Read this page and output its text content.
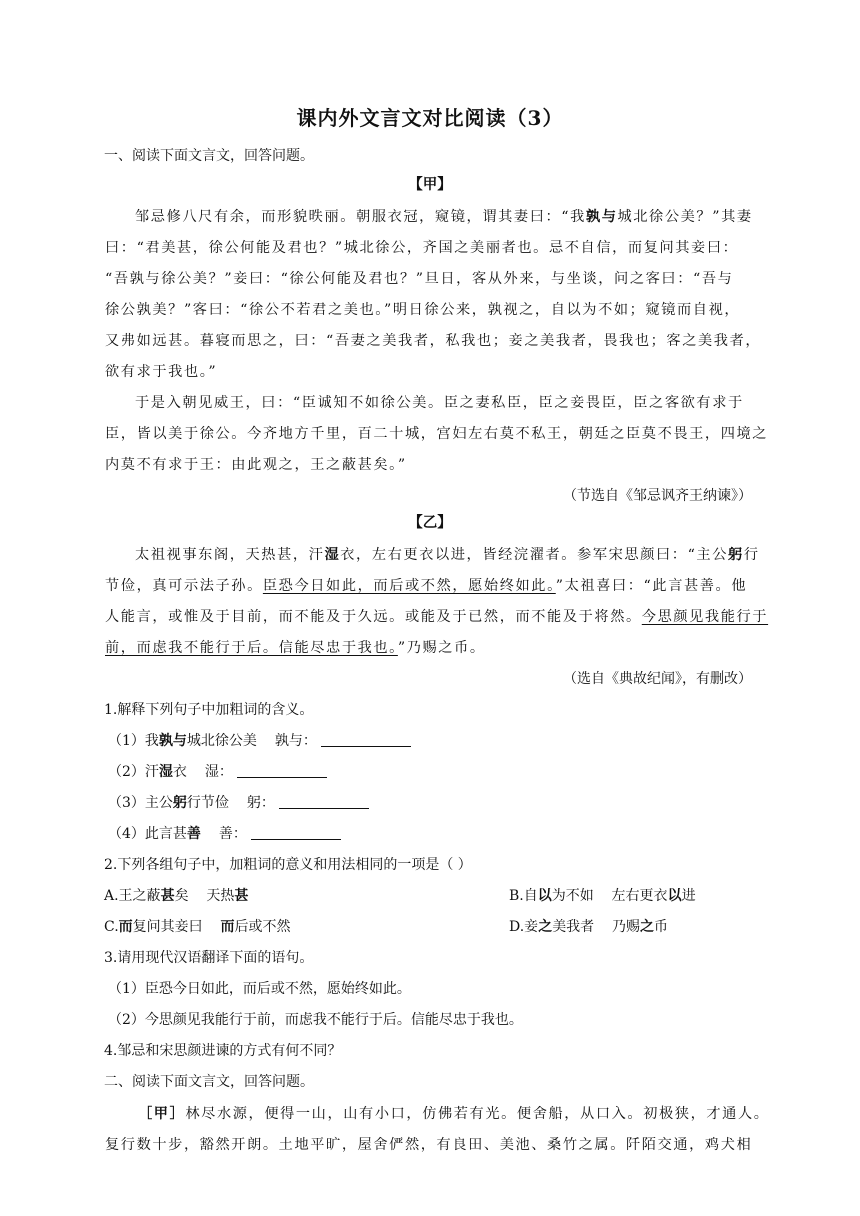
课内外文言文对比阅读（3）
一、阅读下面文言文，回答问题。
【甲】
邹忌修八尺有余，而形貌昳丽。朝服衣冠，窥镜，谓其妻曰：“我孰与城北徐公美？”其妻
曰：“君美甚，徐公何能及君也？”城北徐公，齐国之美丽者也。忌不自信，而复问其妾曰：
“吾孰与徐公美？”妾曰：“徐公何能及君也？”旦日，客从外来，与坐谈，问之客曰：“吾与
徐公孰美？”客曰：“徐公不若君之美也。”明日徐公来，孰视之，自以为不如；窥镜而自视，
又弗如远甚。暮寝而思之，曰：“吾妻之美我者，私我也；妾之美我者，畏我也；客之美我者，
欲有求于我也。”
于是入朝见威王，曰：“臣诚知不如徐公美。臣之妻私臣，臣之妾畏臣，臣之客欲有求于
臣，皆以美于徐公。今齐地方千里，百二十城，宫妇左右莫不私王，朝廷之臣莫不畏王，四境之
内莫不有求于王：由此观之，王之蔽甚矣。”
（节选自《邹忌讽齐王纳谏》）
【乙】
太祖视事东阁，天热甚，汗湿衣，左右更衣以进，皆经浣濯者。参军宋思颜曰：“主公躬行
节俭，真可示法子孙。臣恐今日如此，而后或不然，愿始终如此。”太祖喜曰：“此言甚善。他
人能言，或惟及于目前，而不能及于久远。或能及于已然，而不能及于将然。今思颜见我能行于
前，而虑我不能行于后。信能尽忠于我也。”乃赐之币。
（选自《典故纪闻》，有删改）
1.解释下列句子中加粗词的含义。
（1）我孰与城北徐公美 孰与：
（2）汗湿衣 湿：
（3）主公躬行节俭 躬：
（4）此言甚善 善：
2.下列各组句子中，加粗词的意义和用法相同的一项是（ ）
A.王之蔽甚矣    天热甚	B.自以为不如    左右更衣以进
C.而复问其妾曰    而后或不然	D.妾之美我者    乃赐之币
3.请用现代汉语翻译下面的语句。
（1）臣恐今日如此，而后或不然，愿始终如此。
（2）今思颜见我能行于前，而虑我不能行于后。信能尽忠于我也。
4.邹忌和宋思颜进谏的方式有何不同？
二、阅读下面文言文，回答问题。
［甲］林尽水源，便得一山，山有小口，仿佛若有光。便舍船，从口入。初极狭，才通人。
复行数十步，豁然开朗。土地平旷，屋舍俨然，有良田、美池、桑竹之属。阡陌交通，鸡犬相
